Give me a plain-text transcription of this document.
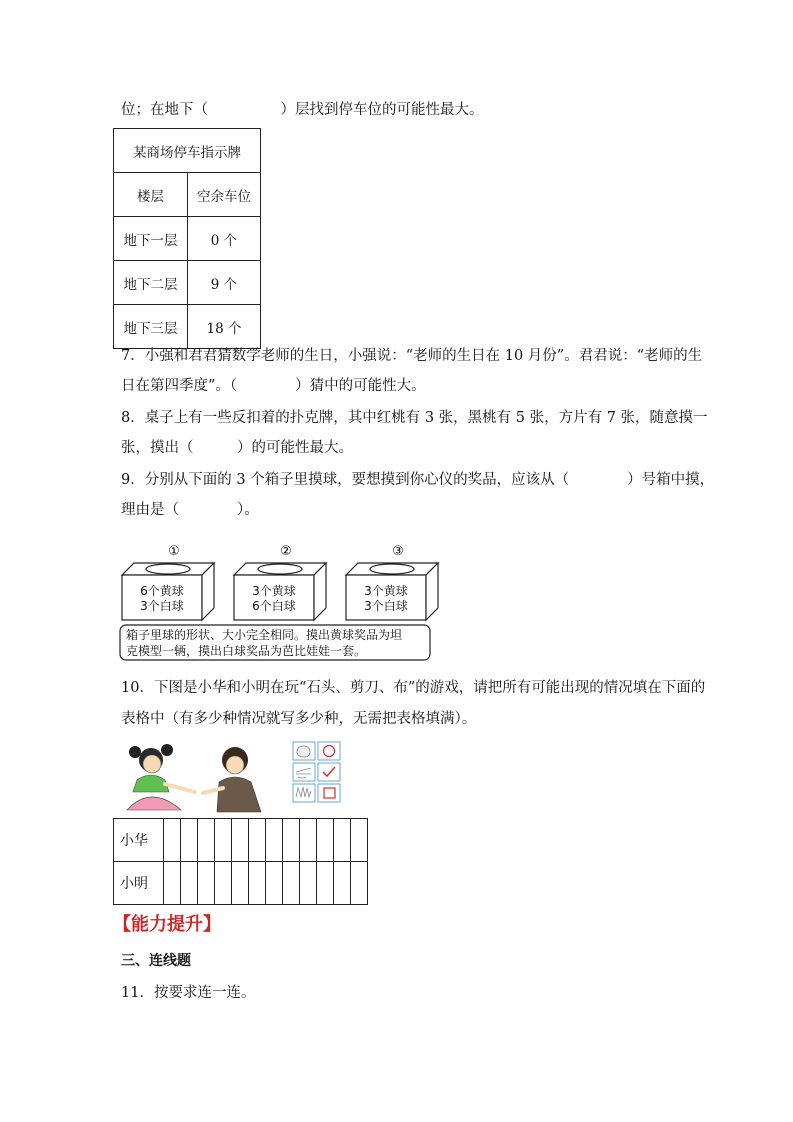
位；在地下（　　　　　）层找到停车位的可能性最大。
某商场停车指示牌	
楼层	空余车位
地下一层	0 个
地下二层	9 个
地下三层	18 个
7．小强和君君猜数学老师的生日，小强说：“老师的生日在 10 月份”。君君说：“老师的生
日在第四季度”。（　　　　）猜中的可能性大。
8．桌子上有一些反扣着的扑克牌，其中红桃有 3 张，黑桃有 5 张，方片有 7 张，随意摸一
张，摸出（　　　）的可能性最大。
9．分别从下面的 3 个箱子里摸球，要想摸到你心仪的奖品，应该从（　　　　）号箱中摸，
理由是（　　　　）。
①	②	③
6个黄球
3个白球
3个黄球
6个白球
3个黄球
3个白球
箱子里球的形状、大小完全相同。摸出黄球奖品为坦
克模型一辆，摸出白球奖品为芭比娃娃一套。
10．下图是小华和小明在玩“石头、剪刀、布”的游戏，请把所有可能出现的情况填在下面的
表格中（有多少种情况就写多少种，无需把表格填满）。
小华												
小明												
【能力提升】
三、连线题
11．按要求连一连。
